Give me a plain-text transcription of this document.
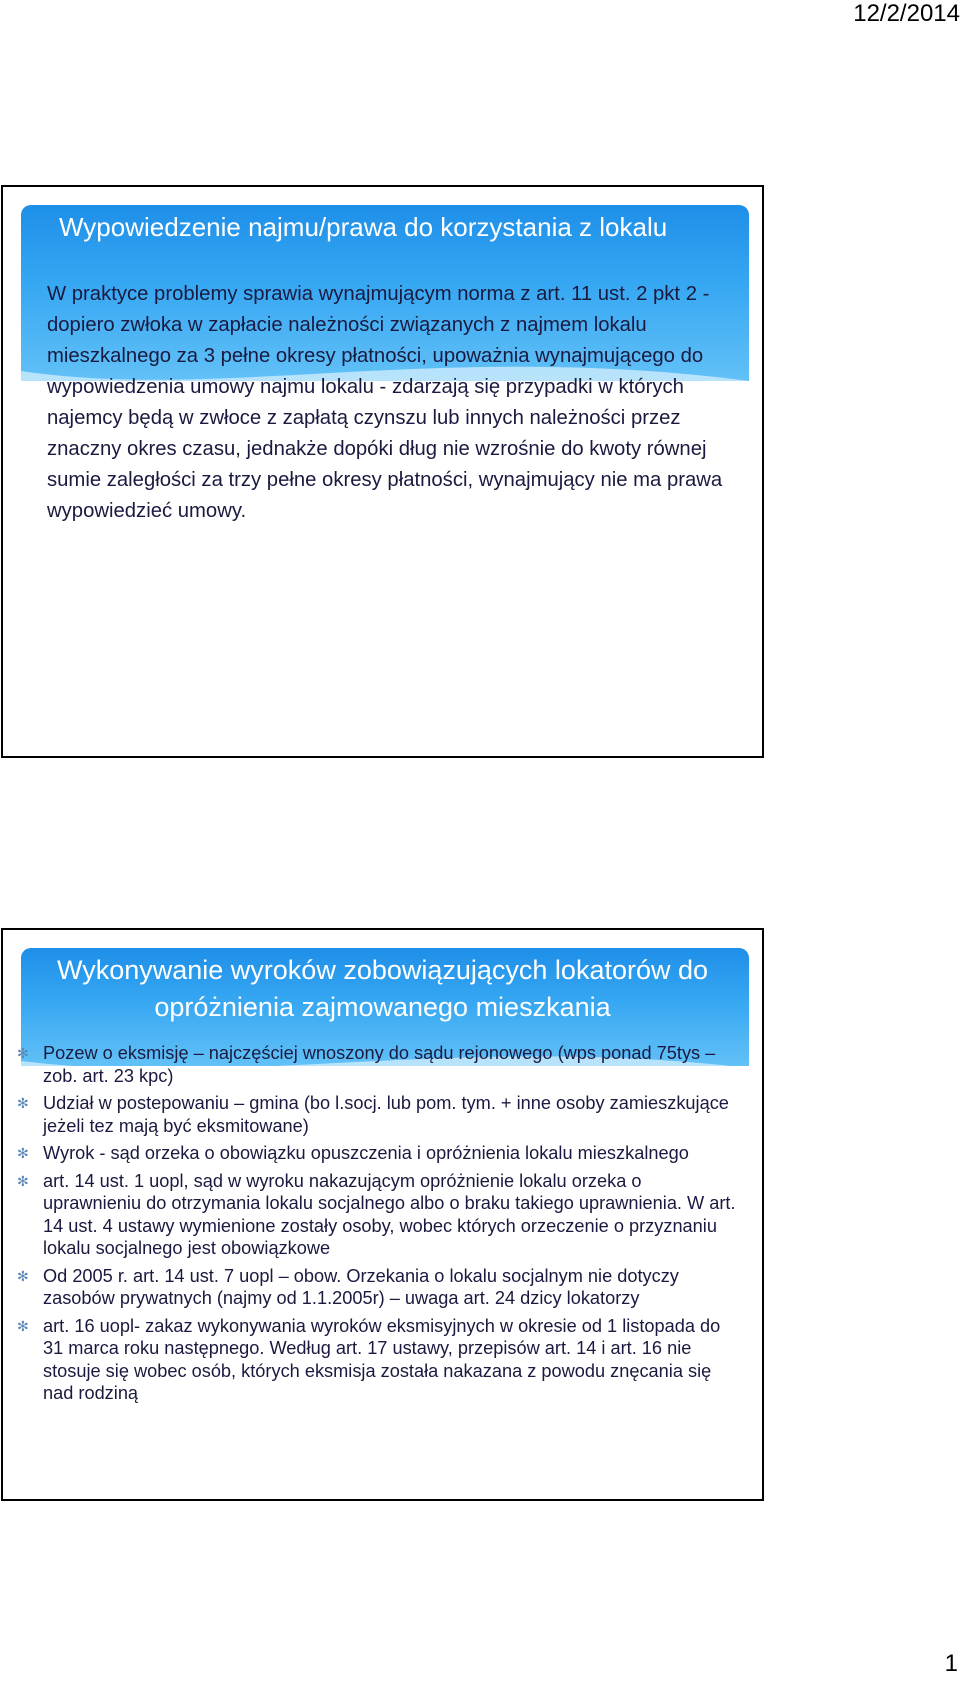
12/2/2014
Wypowiedzenie najmu/prawa do korzystania z lokalu

W praktyce problemy sprawia wynajmującym norma z art. 11 ust. 2 pkt 2 - dopiero zwłoka w zapłacie należności związanych z najmem lokalu mieszkalnego za 3 pełne okresy płatności, upoważnia wynajmującego do wypowiedzenia umowy najmu lokalu - zdarzają się przypadki w których najemcy będą w zwłoce z zapłatą czynszu lub innych należności przez znaczny okres czasu, jednakże dopóki dług nie wzrośnie do kwoty równej sumie zaległości za trzy pełne okresy płatności, wynajmujący nie ma prawa wypowiedzieć umowy.

Wykonywanie wyroków zobowiązujących lokatorów do
opróżnienia zajmowanego mieszkania
✻ Pozew o eksmisję – najczęściej wnoszony do sądu rejonowego (wps ponad 75tys – zob. art. 23 kpc)
✻ Udział w postepowaniu – gmina (bo l.socj. lub pom. tym. + inne osoby zamieszkujące jeżeli tez mają być eksmitowane)
✻ Wyrok - sąd orzeka o obowiązku opuszczenia i opróżnienia lokalu mieszkalnego
✻ art. 14 ust. 1 uopl, sąd w wyroku nakazującym opróżnienie lokalu orzeka o uprawnieniu do otrzymania lokalu socjalnego albo o braku takiego uprawnienia. W art. 14 ust. 4 ustawy wymienione zostały osoby, wobec których orzeczenie o przyznaniu lokalu socjalnego jest obowiązkowe
✻ Od 2005 r. art. 14 ust. 7 uopl – obow. Orzekania o lokalu socjalnym nie dotyczy zasobów prywatnych (najmy od 1.1.2005r) – uwaga art. 24 dzicy lokatorzy
✻ art. 16 uopl- zakaz wykonywania wyroków eksmisyjnych w okresie od 1 listopada do 31 marca roku następnego. Według art. 17 ustawy, przepisów art. 14 i art. 16 nie stosuje się wobec osób, których eksmisja została nakazana z powodu znęcania się nad rodziną
1
